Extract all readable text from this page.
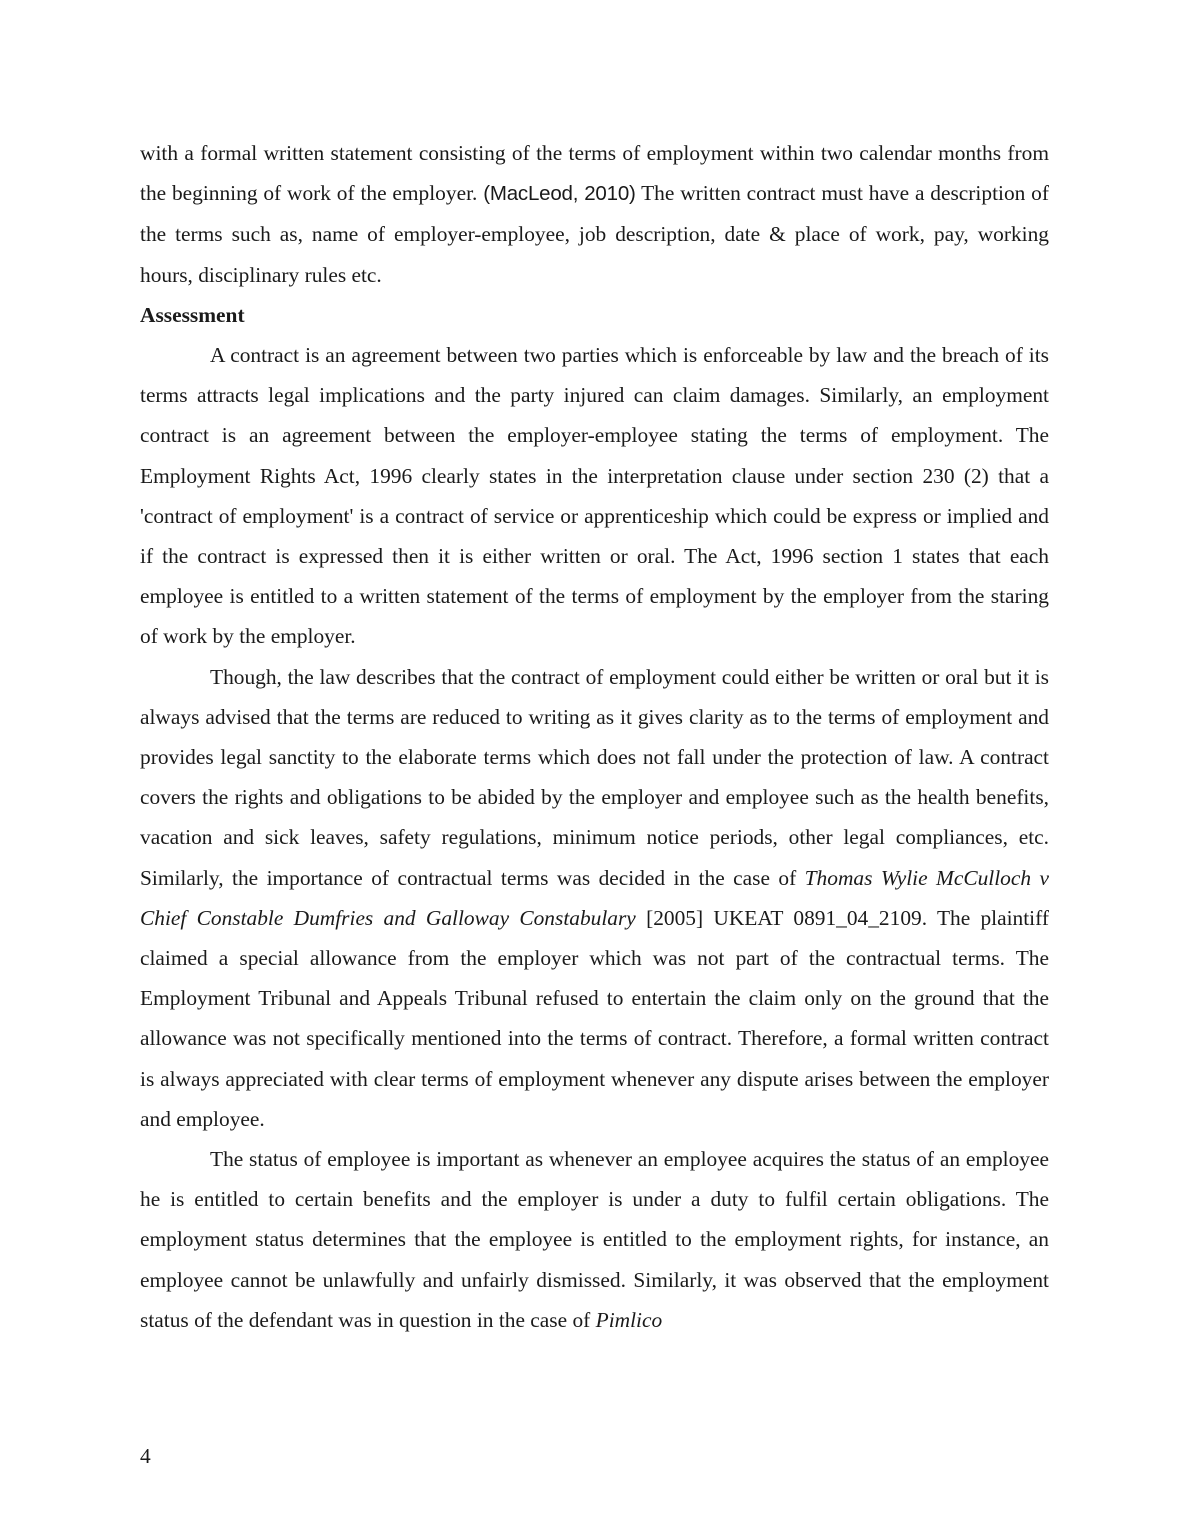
with a formal written statement consisting of the terms of employment within two calendar months from the beginning of work of the employer. (MacLeod, 2010) The written contract must have a description of the terms such as, name of employer-employee, job description, date & place of work, pay, working hours, disciplinary rules etc.

Assessment

A contract is an agreement between two parties which is enforceable by law and the breach of its terms attracts legal implications and the party injured can claim damages. Similarly, an employment contract is an agreement between the employer-employee stating the terms of employment. The Employment Rights Act, 1996 clearly states in the interpretation clause under section 230 (2) that a 'contract of employment' is a contract of service or apprenticeship which could be express or implied and if the contract is expressed then it is either written or oral. The Act, 1996 section 1 states that each employee is entitled to a written statement of the terms of employment by the employer from the staring of work by the employer.

Though, the law describes that the contract of employment could either be written or oral but it is always advised that the terms are reduced to writing as it gives clarity as to the terms of employment and provides legal sanctity to the elaborate terms which does not fall under the protection of law. A contract covers the rights and obligations to be abided by the employer and employee such as the health benefits, vacation and sick leaves, safety regulations, minimum notice periods, other legal compliances, etc. Similarly, the importance of contractual terms was decided in the case of Thomas Wylie McCulloch v Chief Constable Dumfries and Galloway Constabulary [2005] UKEAT 0891_04_2109. The plaintiff claimed a special allowance from the employer which was not part of the contractual terms. The Employment Tribunal and Appeals Tribunal refused to entertain the claim only on the ground that the allowance was not specifically mentioned into the terms of contract. Therefore, a formal written contract is always appreciated with clear terms of employment whenever any dispute arises between the employer and employee.

The status of employee is important as whenever an employee acquires the status of an employee he is entitled to certain benefits and the employer is under a duty to fulfil certain obligations. The employment status determines that the employee is entitled to the employment rights, for instance, an employee cannot be unlawfully and unfairly dismissed. Similarly, it was observed that the employment status of the defendant was in question in the case of Pimlico

4
